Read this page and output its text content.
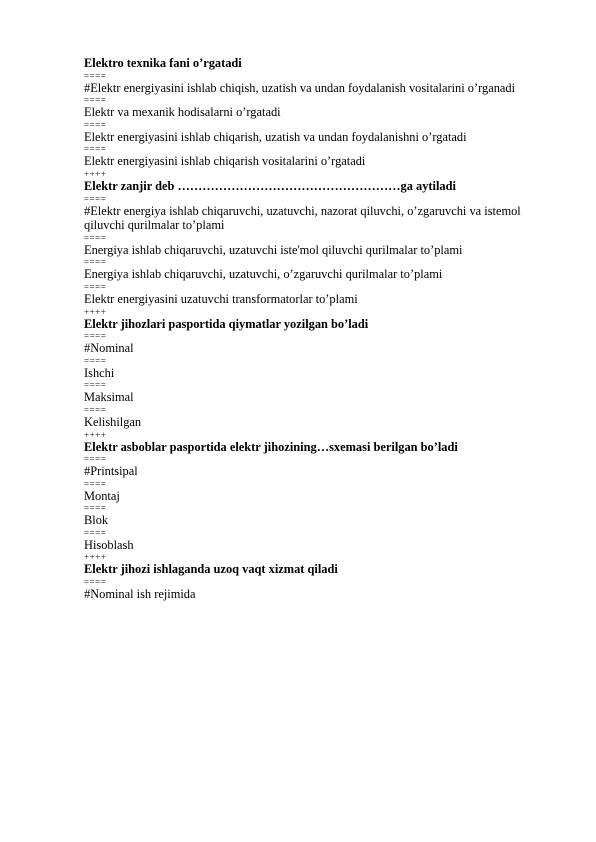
Elektro texnika fani o’rgatadi
====
#Elektr energiyasini ishlab chiqish, uzatish va undan foydalanish vositalarini o’rganadi
====
Elektr va mexanik hodisalarni o’rgatadi
====
Elektr energiyasini ishlab chiqarish, uzatish va undan foydalanishni o’rgatadi
====
Elektr energiyasini ishlab chiqarish vositalarini o’rgatadi
++++
Elektr zanjir deb ………………………………………………ga aytiladi
====
#Elektr energiya ishlab chiqaruvchi, uzatuvchi, nazorat qiluvchi, o’zgaruvchi va istemol qiluvchi qurilmalar to’plami
====
Energiya ishlab chiqaruvchi, uzatuvchi iste'mol qiluvchi qurilmalar to’plami
====
Energiya ishlab chiqaruvchi, uzatuvchi, o’zgaruvchi qurilmalar to’plami
====
Elektr energiyasini uzatuvchi transformatorlar to’plami
++++
Elektr jihozlari pasportida qiymatlar yozilgan bo’ladi
====
#Nominal
====
Ishchi
====
Maksimal
====
Kelishilgan
++++
Elektr asboblar pasportida elektr jihozining…sxemasi berilgan bo’ladi
====
#Printsipal
====
Montaj
====
Blok
====
Hisoblash
++++
Elektr jihozi ishlaganda uzoq vaqt xizmat qiladi
====
#Nominal ish rejimida
